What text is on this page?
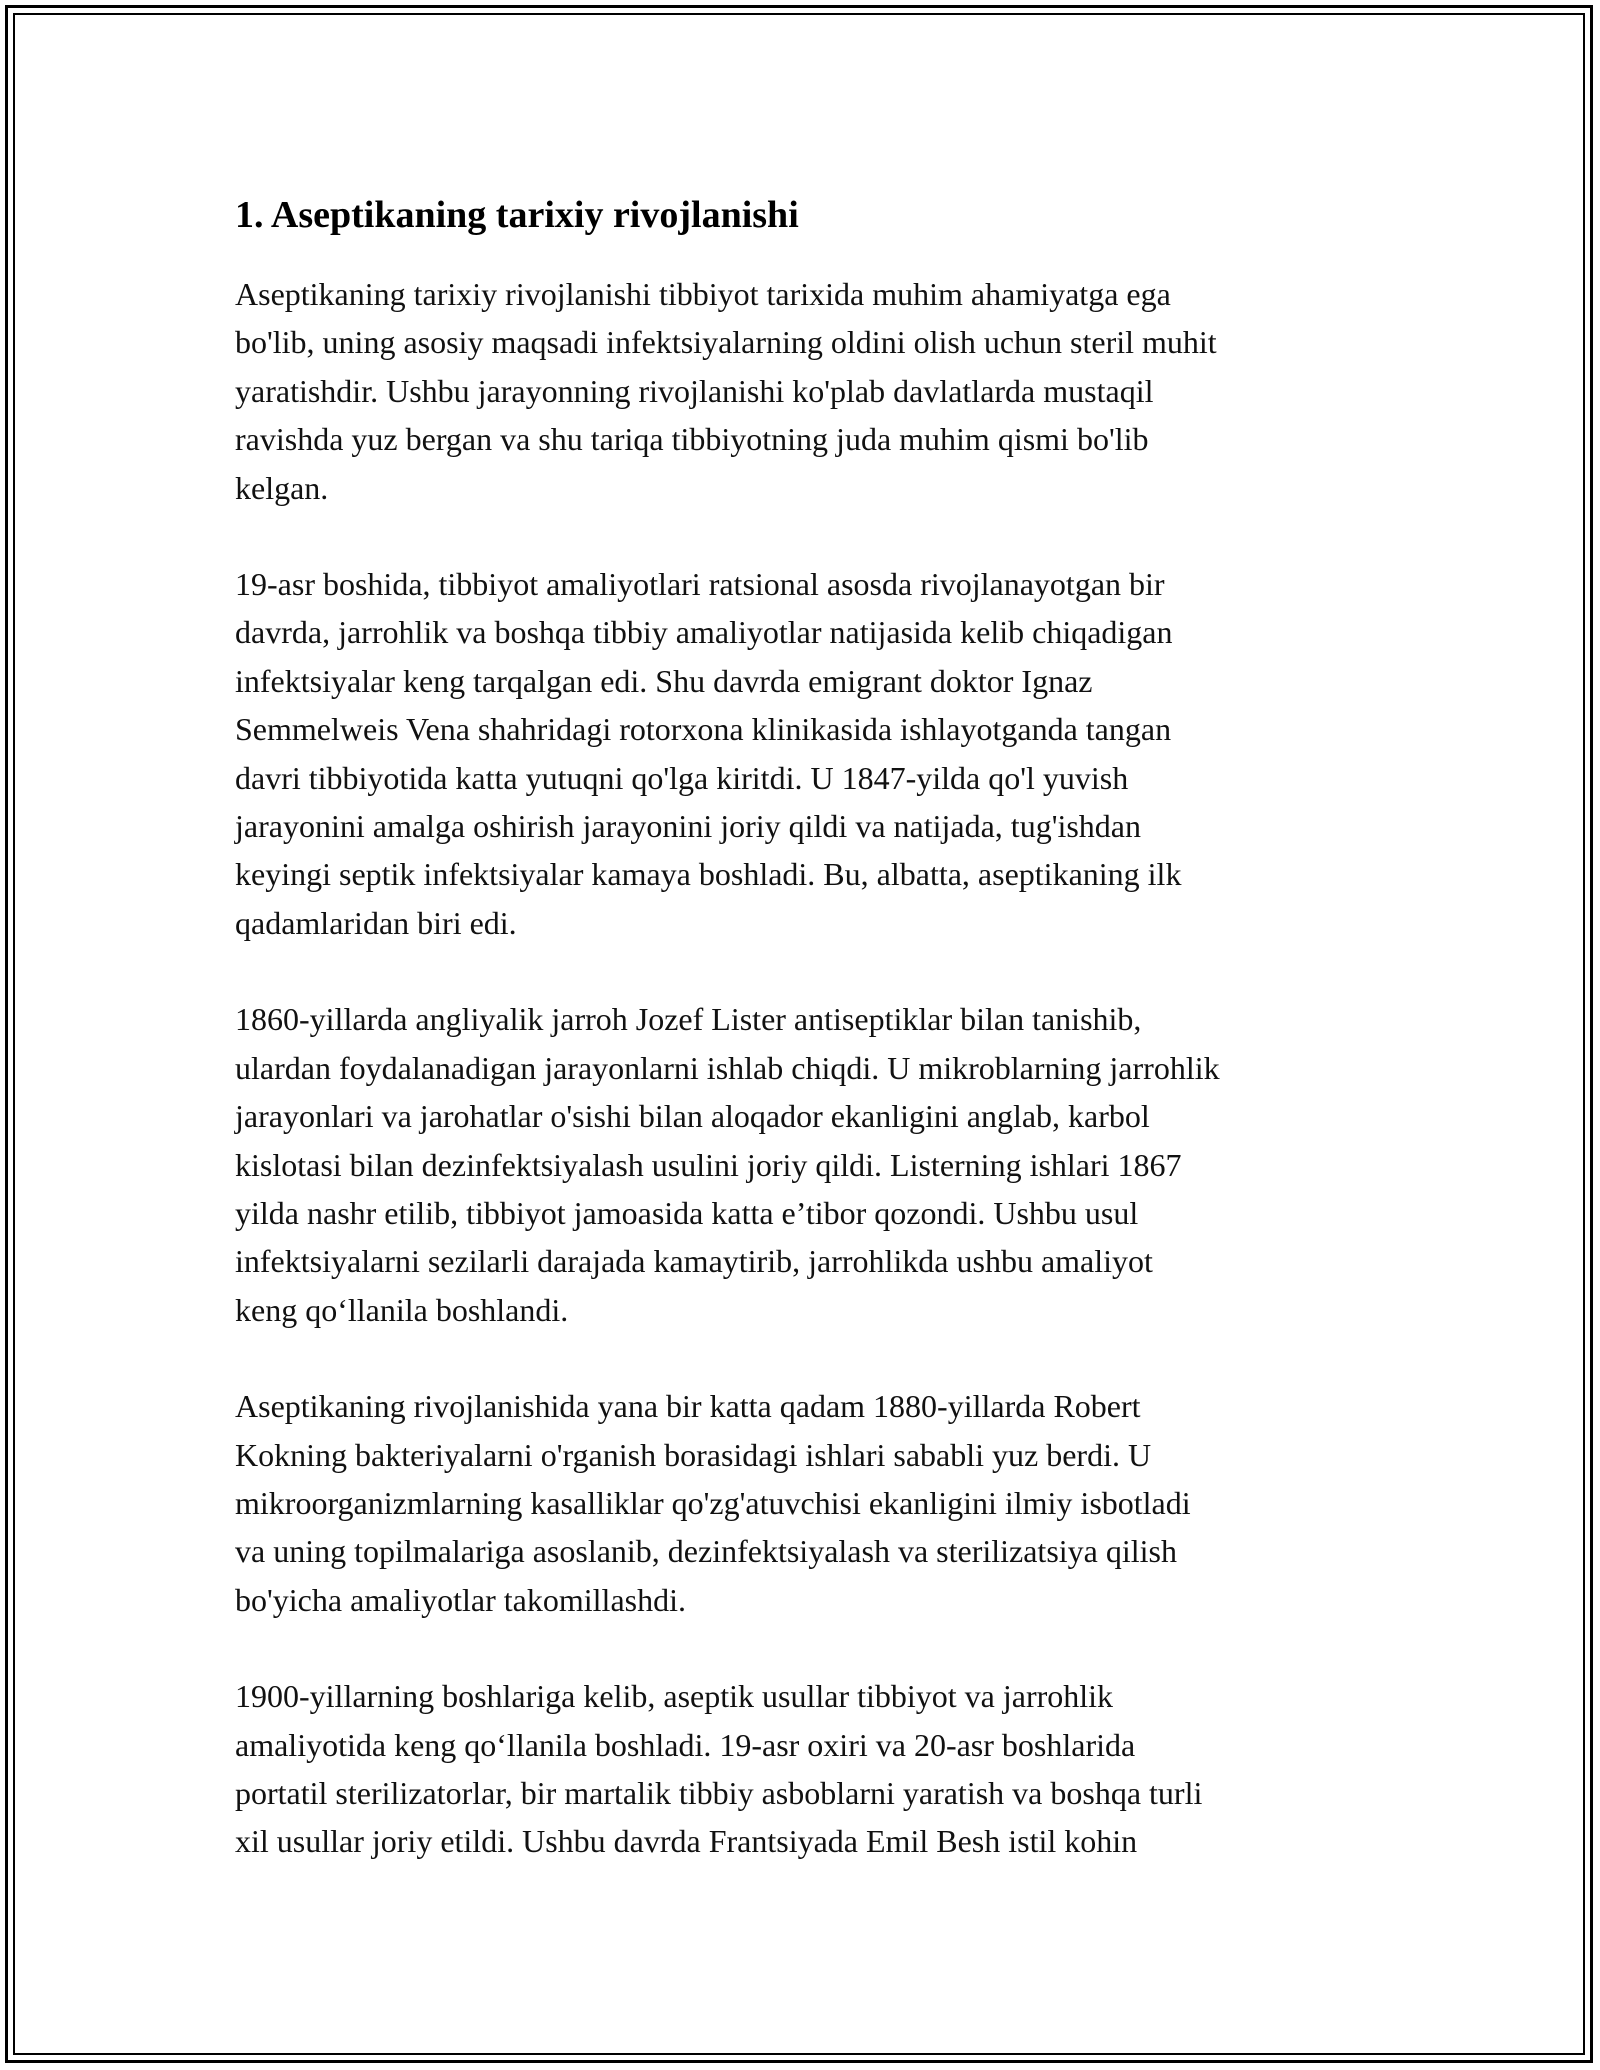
1. Aseptikaning tarixiy rivojlanishi

Aseptikaning tarixiy rivojlanishi tibbiyot tarixida muhim ahamiyatga ega
bo'lib, uning asosiy maqsadi infektsiyalarning oldini olish uchun steril muhit
yaratishdir. Ushbu jarayonning rivojlanishi ko'plab davlatlarda mustaqil
ravishda yuz bergan va shu tariqa tibbiyotning juda muhim qismi bo'lib
kelgan.

19-asr boshida, tibbiyot amaliyotlari ratsional asosda rivojlanayotgan bir
davrda, jarrohlik va boshqa tibbiy amaliyotlar natijasida kelib chiqadigan
infektsiyalar keng tarqalgan edi. Shu davrda emigrant doktor Ignaz
Semmelweis Vena shahridagi rotorxona klinikasida ishlayotganda tangan
davri tibbiyotida katta yutuqni qo'lga kiritdi. U 1847-yilda qo'l yuvish
jarayonini amalga oshirish jarayonini joriy qildi va natijada, tug'ishdan
keyingi septik infektsiyalar kamaya boshladi. Bu, albatta, aseptikaning ilk
qadamlaridan biri edi.

1860-yillarda angliyalik jarroh Jozef Lister antiseptiklar bilan tanishib,
ulardan foydalanadigan jarayonlarni ishlab chiqdi. U mikroblarning jarrohlik
jarayonlari va jarohatlar o'sishi bilan aloqador ekanligini anglab, karbol
kislotasi bilan dezinfektsiyalash usulini joriy qildi. Listerning ishlari 1867
yilda nashr etilib, tibbiyot jamoasida katta e’tibor qozondi. Ushbu usul
infektsiyalarni sezilarli darajada kamaytirib, jarrohlikda ushbu amaliyot
keng qo‘llanila boshlandi.

Aseptikaning rivojlanishida yana bir katta qadam 1880-yillarda Robert
Kokning bakteriyalarni o'rganish borasidagi ishlari sababli yuz berdi. U
mikroorganizmlarning kasalliklar qo'zg'atuvchisi ekanligini ilmiy isbotladi
va uning topilmalariga asoslanib, dezinfektsiyalash va sterilizatsiya qilish
bo'yicha amaliyotlar takomillashdi.

1900-yillarning boshlariga kelib, aseptik usullar tibbiyot va jarrohlik
amaliyotida keng qo‘llanila boshladi. 19-asr oxiri va 20-asr boshlarida
portatil sterilizatorlar, bir martalik tibbiy asboblarni yaratish va boshqa turli
xil usullar joriy etildi. Ushbu davrda Frantsiyada Emil Besh istil kohin
